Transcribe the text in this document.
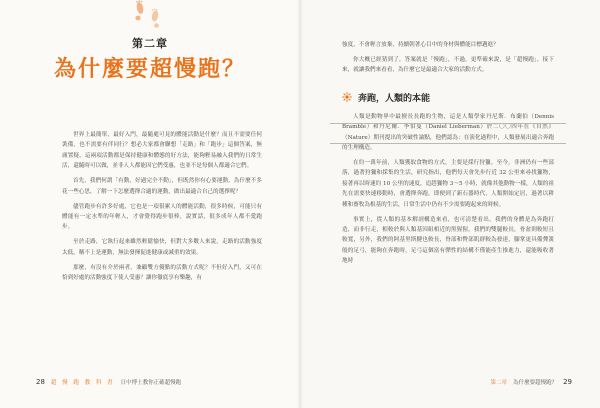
第二章
為什麼要超慢跑？

世界上最簡單，最好入門，最隨處可見的體能活動是什麼？而且不需要任何裝備，也不需要有伴同行？想必大家都會聯想「走路」和「跑步」這個答案，無庸置疑，這兩項活動都是保持健康和體態的好方法，能夠輕易融入我們的日常生活，還隨時可以做，並非人人都能因它們受惠，也並不是每個人都適合它們。

首先，我們何謂「有動，好過完全不動」，但既然你有心要運動，為什麼不多花一些心思，了解一下怎麼選擇合適的運動，做出最適合自己的選擇呢？

儘管跑步有許多好處，它也是一項很累人的體能活動，很多時候，可能只有體能有一定水準的年輕人，才會覺得跑步很棒，說實話，很多成年人都不愛跑步。

至於走路，它執行起來雖然輕鬆愉快，但對大多數人來說，走路的活動強度太低，稱不上是運動，無法發揮促進健康或減重的效果。

那麼，有沒有介於兩者，兼顧雙方優點的活動方式呢？不但好入門，又可在恰到好處的活動強度下使人受惠？讓你徹底享有樂趣，有

28 超 慢 跑 教 科 書 日中博士教你正確超慢跑

強度，不會輕言放棄，持續朝著心目中的身材與體能目標邁進？

你大概已經猜到了，答案就是「慢跑」，不過，更準確來說，是「超慢跑」，接下來，就讓我們來看看，為什麼它是最適合大家的活動方式。

奔跑，人類的本能

人類是動物界中最擅長長跑的生物，這是人類學家丹尼斯．布蘭伯（Dennis Bramble）和丹尼爾．李伯曼（Daniel Lieberman）於二〇〇四年在《自然》（Nature）期刊提出的突破性論點，他們認為：在演化過程中，人類發展出適合奔跑的生理構造。

在約一萬年前，人類獲取食物的方式，主要是採行狩獵。至今，非洲仍有一些部落，過著狩獵和採集的生活，研究指出，他們每天會先步行近 32 公里來尋找獵物，接著再以時速約 10 公里的速度，追趕獵物 3～5 小時，就像其他動物一樣，人類的祖先在需要快速移動時，會選擇奔跑，即便到了新石器時代，人類開始定居，過著以耕種和畜牧為根基的生活，日常生活中仍有不少需要跑起來的時候。

事實上，從人類的基本解剖構造來看，也可清楚看出，我們的身體是為奔跑打造，而非行走，相較於與人類基因組相近的黑猩猩，我們的雙腿較長，骨盆則較短且較寬，另外，我們的阿基里斯腱也較長，脊部和臀部肌群較為發達，腳掌更具備彈簧般的足弓，能夠在奔跑時，足弓這個富有彈性的結構不僅能產生推進力，還能吸收著地時

第二章 為什麼要超慢跑？ 29
